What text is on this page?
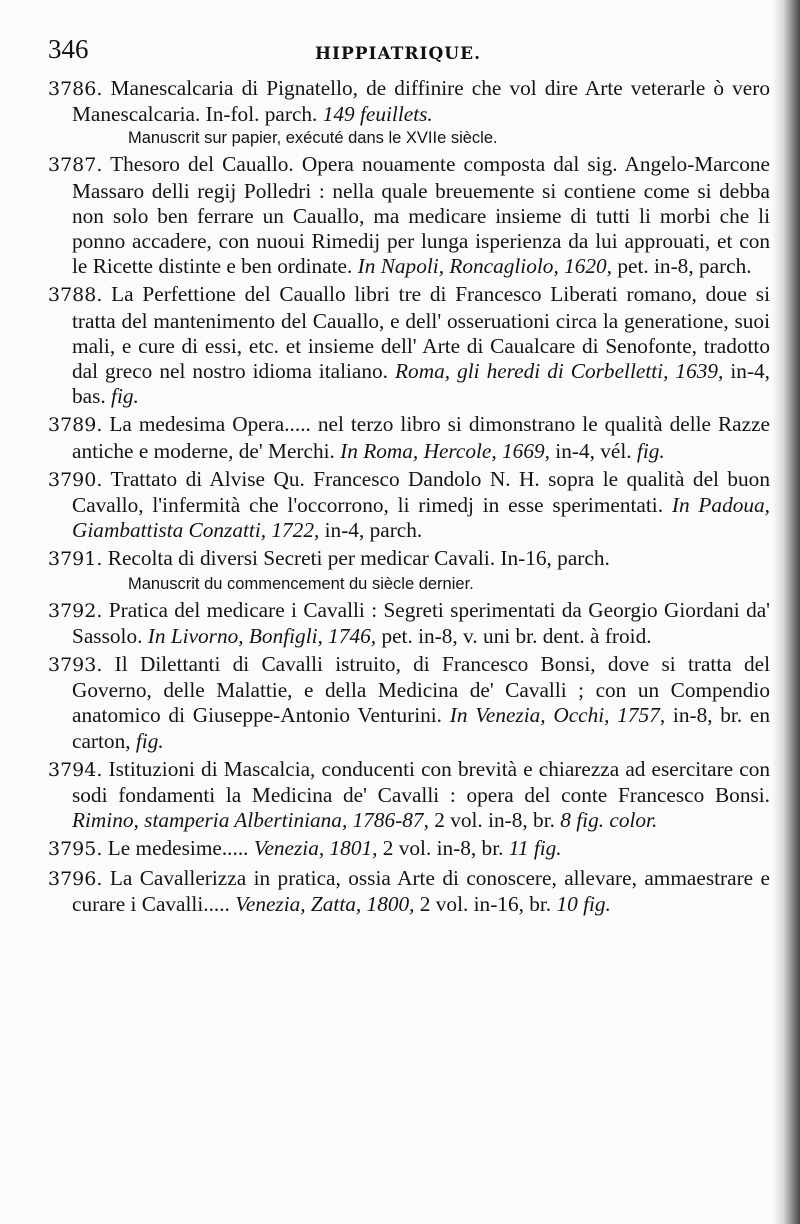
346	HIPPIATRIQUE.

3786. Manescalcaria di Pignatello, de diffinire che vol dire Arte veterarle ò vero Manescalcaria. In-fol. parch. 149 feuillets.
Manuscrit sur papier, exécuté dans le XVIIe siècle.

3787. Thesoro del Cauallo. Opera nouamente composta dal sig. Angelo-Marcone Massaro delli regij Polledri : nella quale breuemente si contiene come si debba non solo ben ferrare un Cauallo, ma medicare insieme di tutti li morbi che li ponno accadere, con nuoui Rimedij per lunga isperienza da lui approuati, et con le Ricette distinte e ben ordinate. In Napoli, Roncagliolo, 1620, pet. in-8, parch.

3788. La Perfettione del Cauallo libri tre di Francesco Liberati romano, doue si tratta del mantenimento del Cauallo, e dell' osseruationi circa la generatione, suoi mali, e cure di essi, etc. et insieme dell' Arte di Caualcare di Senofonte, tradotto dal greco nel nostro idioma italiano. Roma, gli heredi di Corbelletti, 1639, in-4, bas. fig.

3789. La medesima Opera..... nel terzo libro si dimonstrano le qualità delle Razze antiche e moderne, de' Merchi. In Roma, Hercole, 1669, in-4, vél. fig.

3790. Trattato di Alvise Qu. Francesco Dandolo N. H. sopra le qualità del buon Cavallo, l'infermità che l'occorrono, li rimedj in esse sperimentati. In Padoua, Giambattista Conzatti, 1722, in-4, parch.

3791. Recolta di diversi Secreti per medicar Cavali. In-16, parch.
Manuscrit du commencement du siècle dernier.

3792. Pratica del medicare i Cavalli : Segreti sperimentati da Georgio Giordani da' Sassolo. In Livorno, Bonfigli, 1746, pet. in-8, v. uni br. dent. à froid.

3793. Il Dilettanti di Cavalli istruito, di Francesco Bonsi, dove si tratta del Governo, delle Malattie, e della Medicina de' Cavalli ; con un Compendio anatomico di Giuseppe-Antonio Venturini. In Venezia, Occhi, 1757, in-8, br. en carton, fig.

3794. Istituzioni di Mascalcia, conducenti con brevità e chiarezza ad esercitare con sodi fondamenti la Medicina de' Cavalli : opera del conte Francesco Bonsi. Rimino, stamperia Albertiniana, 1786-87, 2 vol. in-8, br. 8 fig. color.

3795. Le medesime..... Venezia, 1801, 2 vol. in-8, br. 11 fig.

3796. La Cavallerizza in pratica, ossia Arte di conoscere, allevare, ammaestrare e curare i Cavalli..... Venezia, Zatta, 1800, 2 vol. in-16, br. 10 fig.
